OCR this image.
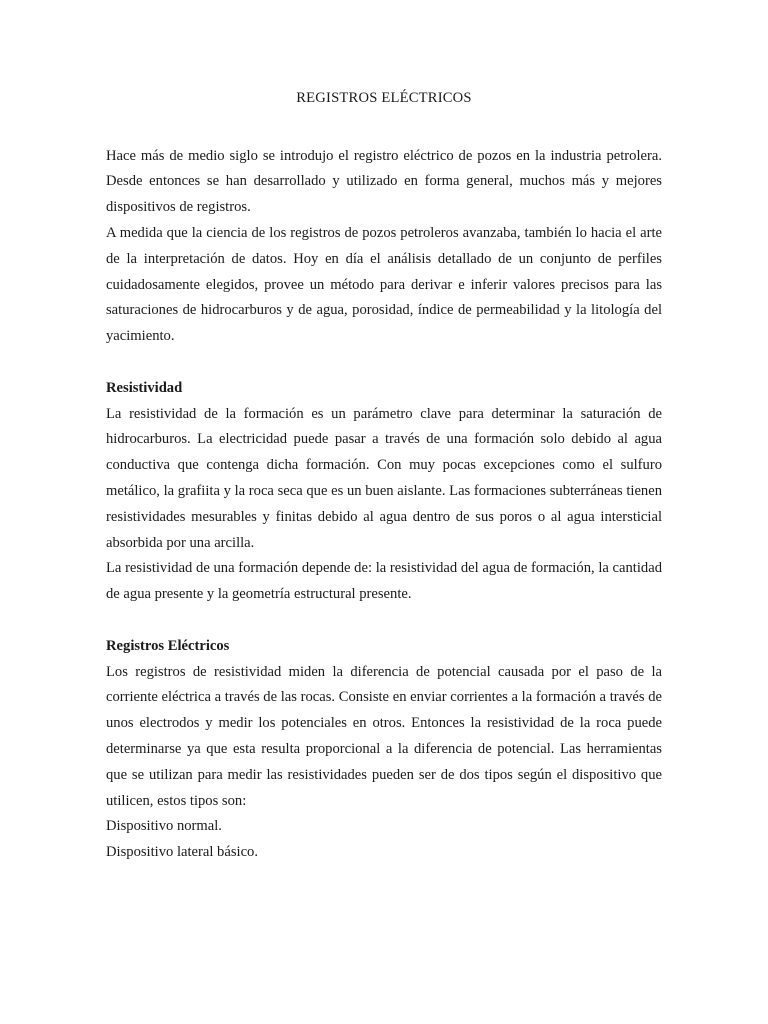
REGISTROS ELÉCTRICOS

Hace más de medio siglo se introdujo el registro eléctrico de pozos en la industria petrolera. Desde entonces se han desarrollado y utilizado en forma general, muchos más y mejores dispositivos de registros.

A medida que la ciencia de los registros de pozos petroleros avanzaba, también lo hacia el arte de la interpretación de datos. Hoy en día el análisis detallado de un conjunto de perfiles cuidadosamente elegidos, provee un método para derivar e inferir valores precisos para las saturaciones de hidrocarburos y de agua, porosidad, índice de permeabilidad y la litología del yacimiento.

Resistividad

La resistividad de la formación es un parámetro clave para determinar la saturación de hidrocarburos. La electricidad puede pasar a través de una formación solo debido al agua conductiva que contenga dicha formación. Con muy pocas excepciones como el sulfuro metálico, la grafiita y la roca seca que es un buen aislante. Las formaciones subterráneas tienen resistividades mesurables y finitas debido al agua dentro de sus poros o al agua intersticial absorbida por una arcilla.

La resistividad de una formación depende de: la resistividad del agua de formación, la cantidad de agua presente y la geometría estructural presente.

Registros Eléctricos

Los registros de resistividad miden la diferencia de potencial causada por el paso de la corriente eléctrica a través de las rocas. Consiste en enviar corrientes a la formación a través de unos electrodos y medir los potenciales en otros. Entonces la resistividad de la roca puede determinarse ya que esta resulta proporcional a la diferencia de potencial. Las herramientas que se utilizan para medir las resistividades pueden ser de dos tipos según el dispositivo que utilicen, estos tipos son:

Dispositivo normal.

Dispositivo lateral básico.
